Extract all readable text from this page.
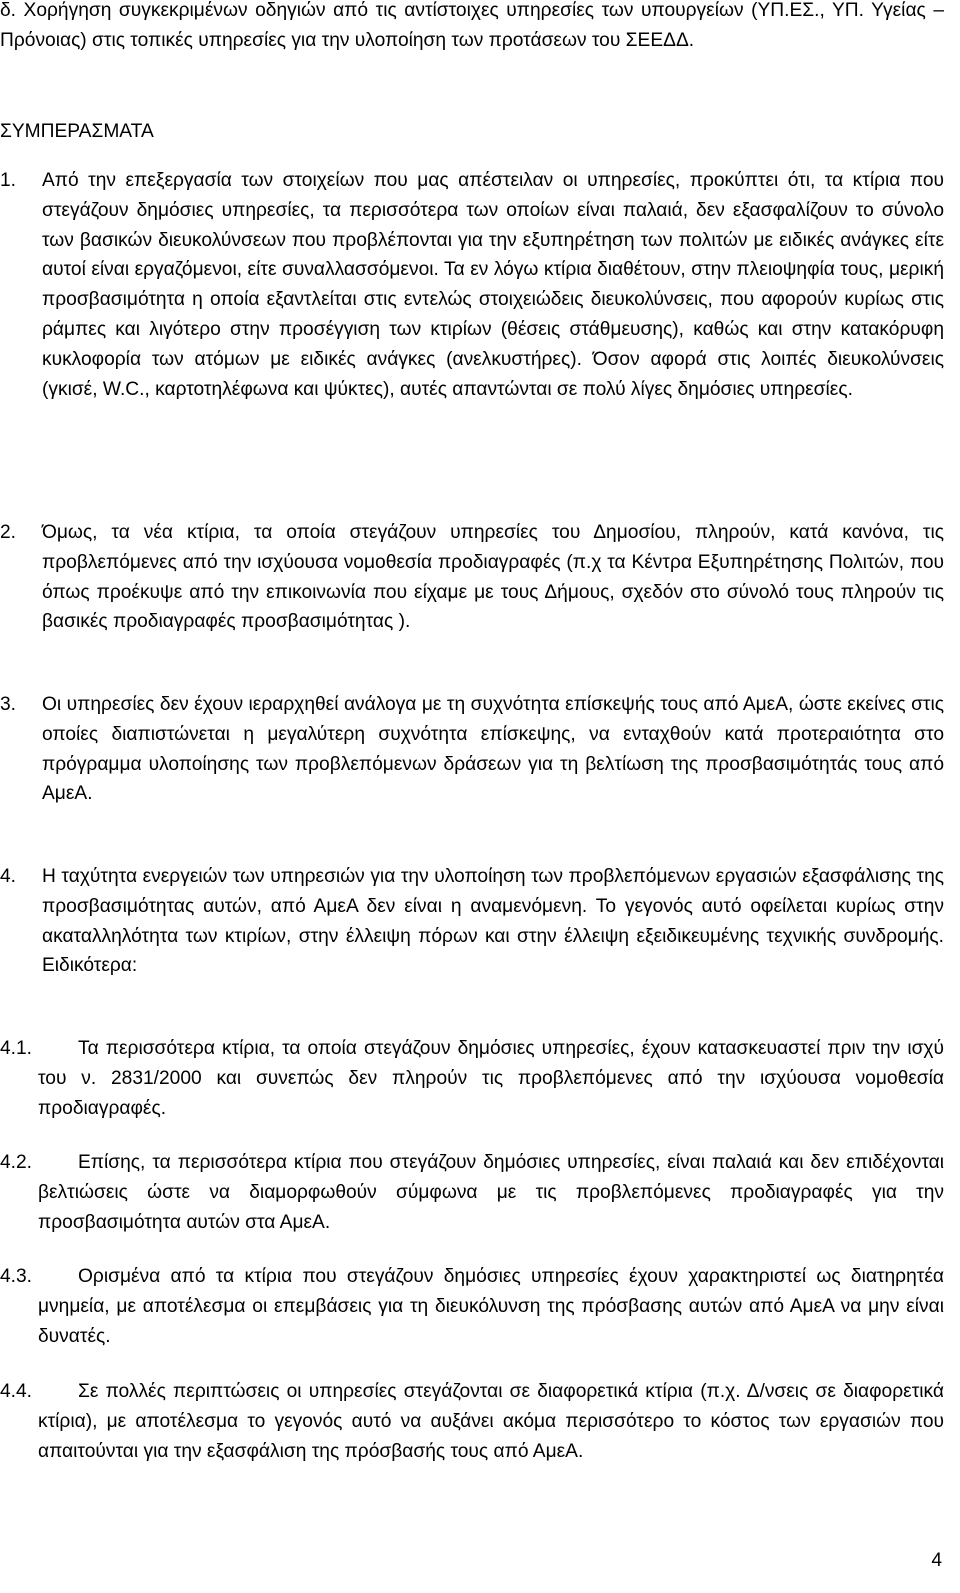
δ. Χορήγηση συγκεκριμένων οδηγιών από τις αντίστοιχες υπηρεσίες των υπουργείων (ΥΠ.ΕΣ., ΥΠ. Υγείας – Πρόνοιας) στις τοπικές υπηρεσίες για την υλοποίηση των προτάσεων του ΣΕΕΔΔ.

ΣΥΜΠΕΡΑΣΜΑΤΑ

1. Από την επεξεργασία των στοιχείων που μας απέστειλαν οι υπηρεσίες, προκύπτει ότι, τα κτίρια που στεγάζουν δημόσιες υπηρεσίες, τα περισσότερα των οποίων είναι παλαιά, δεν εξασφαλίζουν το σύνολο των βασικών διευκολύνσεων που προβλέπονται για την εξυπηρέτηση των πολιτών με ειδικές ανάγκες είτε αυτοί είναι εργαζόμενοι, είτε συναλλασσόμενοι. Τα εν λόγω κτίρια διαθέτουν, στην πλειοψηφία τους, μερική προσβασιμότητα η οποία εξαντλείται στις εντελώς στοιχειώδεις διευκολύνσεις, που αφορούν κυρίως στις ράμπες και λιγότερο στην προσέγγιση των κτιρίων (θέσεις στάθμευσης), καθώς και στην κατακόρυφη κυκλοφορία των ατόμων με ειδικές ανάγκες (ανελκυστήρες). Όσον αφορά στις λοιπές διευκολύνσεις (γκισέ, W.C., καρτοτηλέφωνα και ψύκτες), αυτές απαντώνται σε πολύ λίγες δημόσιες υπηρεσίες.

2. Όμως, τα νέα κτίρια, τα οποία στεγάζουν υπηρεσίες του Δημοσίου, πληρούν, κατά κανόνα, τις προβλεπόμενες από την ισχύουσα νομοθεσία προδιαγραφές (π.χ τα Κέντρα Εξυπηρέτησης Πολιτών, που όπως προέκυψε από την επικοινωνία που είχαμε με τους Δήμους, σχεδόν στο σύνολό τους πληρούν τις βασικές προδιαγραφές προσβασιμότητας ).

3. Οι υπηρεσίες δεν έχουν ιεραρχηθεί ανάλογα με τη συχνότητα επίσκεψής τους από ΑμεΑ, ώστε εκείνες στις οποίες διαπιστώνεται η μεγαλύτερη συχνότητα επίσκεψης, να ενταχθούν κατά προτεραιότητα στο πρόγραμμα υλοποίησης των προβλεπόμενων δράσεων για τη βελτίωση της προσβασιμότητάς τους από ΑμεΑ.

4. Η ταχύτητα ενεργειών των υπηρεσιών για την υλοποίηση των προβλεπόμενων εργασιών εξασφάλισης της προσβασιμότητας αυτών, από ΑμεΑ δεν είναι η αναμενόμενη. Το γεγονός αυτό οφείλεται κυρίως στην ακαταλληλότητα των κτιρίων, στην έλλειψη πόρων και στην έλλειψη εξειδικευμένης τεχνικής συνδρομής. Ειδικότερα:

4.1.	Τα περισσότερα κτίρια, τα οποία στεγάζουν δημόσιες υπηρεσίες, έχουν κατασκευαστεί πριν την ισχύ του ν. 2831/2000 και συνεπώς δεν πληρούν τις προβλεπόμενες από την ισχύουσα νομοθεσία προδιαγραφές.

4.2.	Επίσης, τα περισσότερα κτίρια που στεγάζουν δημόσιες υπηρεσίες, είναι παλαιά και δεν επιδέχονται βελτιώσεις ώστε να διαμορφωθούν σύμφωνα με τις προβλεπόμενες προδιαγραφές για την προσβασιμότητα αυτών στα ΑμεΑ.

4.3.	Ορισμένα από τα κτίρια που στεγάζουν δημόσιες υπηρεσίες έχουν χαρακτηριστεί ως διατηρητέα μνημεία, με αποτέλεσμα οι επεμβάσεις για τη διευκόλυνση της πρόσβασης αυτών από ΑμεΑ να μην είναι δυνατές.

4.4.	Σε πολλές περιπτώσεις οι υπηρεσίες στεγάζονται σε διαφορετικά κτίρια (π.χ. Δ/νσεις σε διαφορετικά κτίρια), με αποτέλεσμα το γεγονός αυτό να αυξάνει ακόμα περισσότερο το κόστος των εργασιών που απαιτούνται για την εξασφάλιση της πρόσβασής τους από ΑμεΑ.

4
